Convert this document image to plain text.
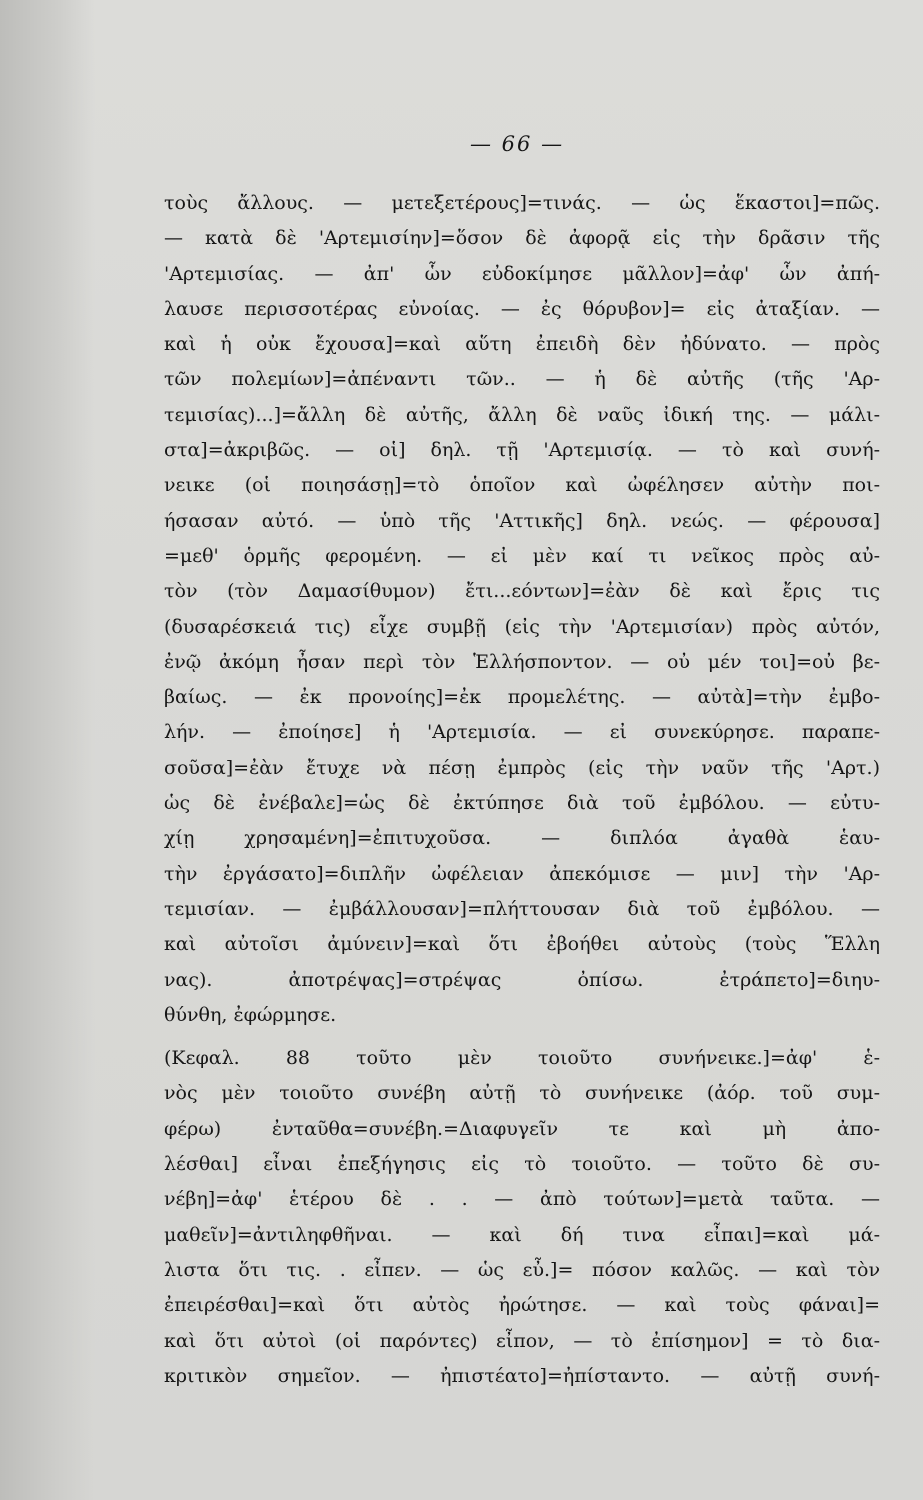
— 66 —
τοὺς ἄλλους. — μετεξετέρους]=τινάς. — ὡς ἕκαστοι]=πῶς.
— κατὰ δὲ 'Αρτεμισίην]=ὅσον δὲ ἀφορᾷ εἰς τὴν δρᾶσιν τῆς
'Αρτεμισίας. — ἀπ' ὧν εὐδοκίμησε μᾶλλον]=ἀφ' ὧν ἀπή-
λαυσε περισσοτέρας εὐνοίας. — ἐς θόρυβον]= εἰς ἀταξίαν. —
καὶ ἡ οὐκ ἔχουσα]=καὶ αὕτη ἐπειδὴ δὲν ἠδύνατο. — πρὸς
τῶν πολεμίων]=ἀπέναντι τῶν.. — ἡ δὲ αὐτῆς (τῆς 'Αρ-
τεμισίας)...]=ἄλλη δὲ αὐτῆς, ἄλλη δὲ ναῦς ἰδική της. — μάλι-
στα]=ἀκριβῶς. — οἱ] δηλ. τῇ 'Αρτεμισίᾳ. — τὸ καὶ συνή-
νεικε (οἱ ποιησάσῃ]=τὸ ὁποῖον καὶ ὠφέλησεν αὐτὴν ποι-
ήσασαν αὐτό. — ὑπὸ τῆς 'Αττικῆς] δηλ. νεώς. — φέρουσα]
=μεθ' ὁρμῆς φερομένη. — εἰ μὲν καί τι νεῖκος πρὸς αὐ-
τὸν (τὸν Δαμασίθυμον) ἔτι...εόντων]=ἐὰν δὲ καὶ ἔρις τις
(δυσαρέσκειά τις) εἶχε συμβῇ (εἰς τὴν 'Αρτεμισίαν) πρὸς αὐτόν,
ἐνῷ ἀκόμη ἦσαν περὶ τὸν Ἑλλήσποντον. — οὐ μέν τοι]=οὐ βε-
βαίως. — ἐκ προνοίης]=ἐκ προμελέτης. — αὐτὰ]=τὴν ἐμβο-
λήν. — ἐποίησε] ἡ 'Αρτεμισία. — εἰ συνεκύρησε. παραπε-
σοῦσα]=ἐὰν ἔτυχε νὰ πέσῃ ἐμπρὸς (εἰς τὴν ναῦν τῆς 'Αρτ.)
ὡς δὲ ἐνέβαλε]=ὡς δὲ ἐκτύπησε διὰ τοῦ ἐμβόλου. — εὐτυ-
χίῃ χρησαμένη]=ἐπιτυχοῦσα. — διπλόα ἀγαθὰ ἑαυ-
τὴν ἐργάσατο]=διπλῆν ὠφέλειαν ἀπεκόμισε — μιν] τὴν 'Αρ-
τεμισίαν. — ἐμβάλλουσαν]=πλήττουσαν διὰ τοῦ ἐμβόλου. —
καὶ αὐτοῖσι ἀμύνειν]=καὶ ὅτι ἐβοήθει αὐτοὺς (τοὺς Ἕλλη
νας). ἀποτρέψας]=στρέψας ὀπίσω. ἐτράπετο]=διηυ-
θύνθη, ἐφώρμησε.
(Κεφαλ. 88 τοῦτο μὲν τοιοῦτο συνήνεικε.]=ἀφ' ἑ-
νὸς μὲν τοιοῦτο συνέβη αὐτῇ τὸ συνήνεικε (ἀόρ. τοῦ συμ-
φέρω) ἐνταῦθα=συνέβη.=Διαφυγεῖν τε καὶ μὴ ἀπο-
λέσθαι] εἶναι ἐπεξήγησις εἰς τὸ τοιοῦτο. — τοῦτο δὲ συ-
νέβη]=ἀφ' ἑτέρου δὲ . . — ἀπὸ τούτων]=μετὰ ταῦτα. —
μαθεῖν]=ἀντιληφθῆναι. — καὶ δή τινα εἶπαι]=καὶ μά-
λιστα ὅτι τις. . εἶπεν. — ὡς εὖ.]= πόσον καλῶς. — καὶ τὸν
ἐπειρέσθαι]=καὶ ὅτι αὐτὸς ἠρώτησε. — καὶ τοὺς φάναι]=
καὶ ὅτι αὐτοὶ (οἱ παρόντες) εἶπον, — τὸ ἐπίσημον] = τὸ δια-
κριτικὸν σημεῖον. — ἠπιστέατο]=ἠπίσταντο. — αὐτῇ συνή-
